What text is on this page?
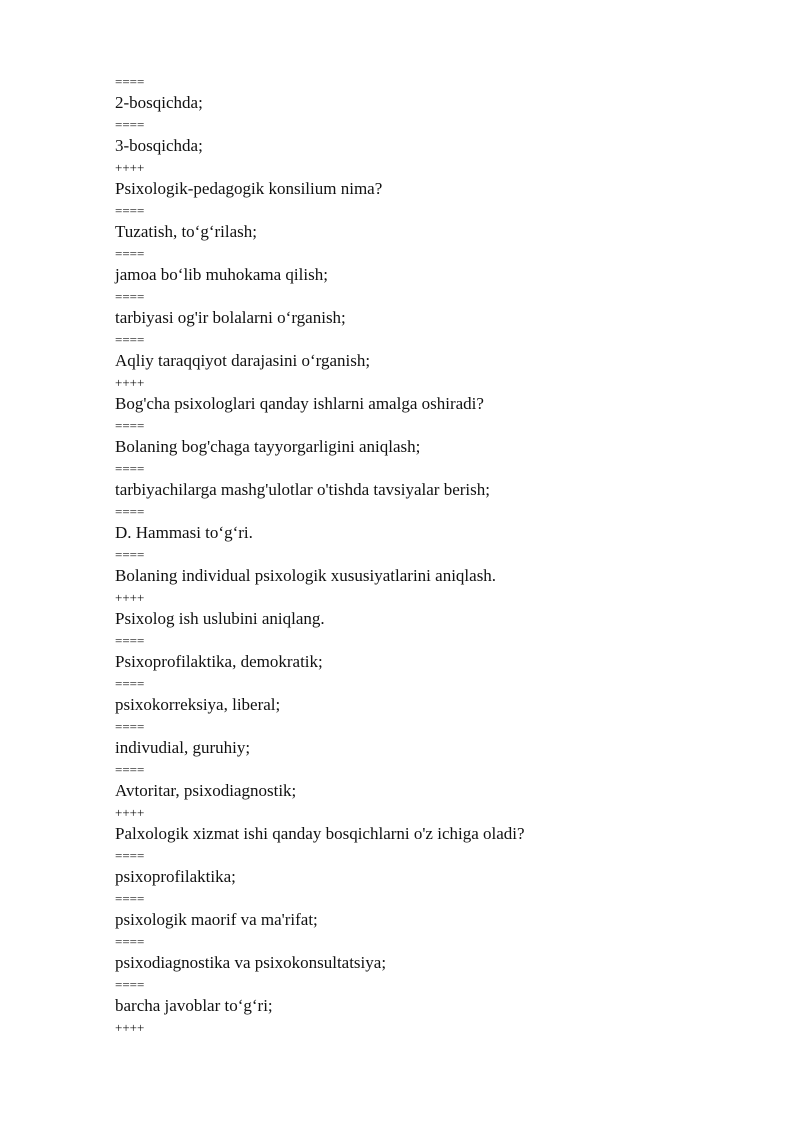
====
2-bosqichda;
====
3-bosqichda;
++++
Psixologik-pedagogik konsilium nima?
====
Tuzatish, to‘g‘rilash;
====
jamoa bo‘lib muhokama qilish;
====
tarbiyasi og'ir bolalarni o‘rganish;
====
Aqliy taraqqiyot darajasini o‘rganish;
++++
Bog'cha psixologlari qanday ishlarni amalga oshiradi?
====
Bolaning bog'chaga tayyorgarligini aniqlash;
====
tarbiyachilarga mashg'ulotlar o'tishda tavsiyalar berish;
====
D. Hammasi to‘g‘ri.
====
Bolaning individual psixologik xususiyatlarini aniqlash.
++++
Psixolog ish uslubini aniqlang.
====
Psixoprofilaktika, demokratik;
====
psixokorreksiya, liberal;
====
indivudial, guruhiy;
====
Avtoritar, psixodiagnostik;
++++
Palxologik xizmat ishi qanday bosqichlarni o'z ichiga oladi?
====
psixoprofilaktika;
====
psixologik maorif va ma'rifat;
====
psixodiagnostika va psixokonsultatsiya;
====
barcha javoblar to‘g‘ri;
++++
